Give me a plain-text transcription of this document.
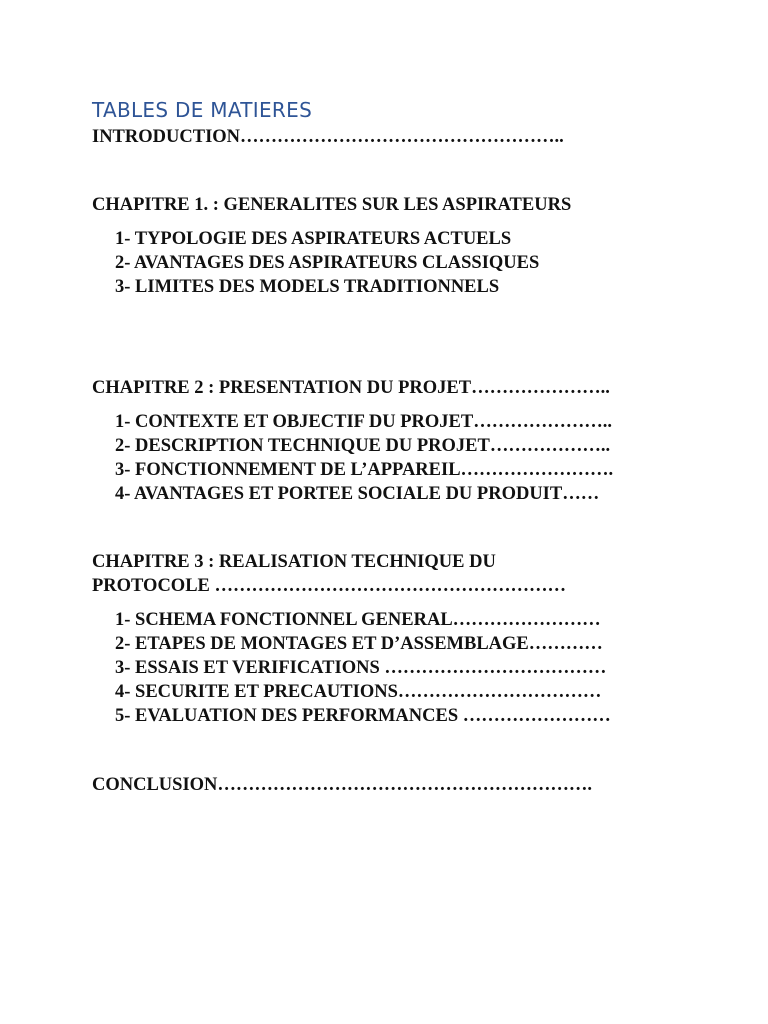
TABLES DE MATIERES
INTRODUCTION……………………………………………..
CHAPITRE 1. : GENERALITES SUR LES ASPIRATEURS
1- TYPOLOGIE DES ASPIRATEURS ACTUELS
2- AVANTAGES DES ASPIRATEURS CLASSIQUES
3- LIMITES DES MODELS TRADITIONNELS
CHAPITRE 2 : PRESENTATION DU PROJET…………………..
1- CONTEXTE ET OBJECTIF DU PROJET…………………..
2- DESCRIPTION TECHNIQUE DU PROJET………………..
3- FONCTIONNEMENT DE L’APPAREIL…………………….
4- AVANTAGES ET PORTEE SOCIALE DU PRODUIT……
CHAPITRE 3 : REALISATION TECHNIQUE DU
PROTOCOLE …………………………………………………
1- SCHEMA FONCTIONNEL GENERAL……………………
2- ETAPES DE MONTAGES ET D’ASSEMBLAGE…………
3- ESSAIS ET VERIFICATIONS ………………………………
4- SECURITE ET PRECAUTIONS……………………………
5- EVALUATION DES PERFORMANCES ……………………
CONCLUSION…………………………………………………….
